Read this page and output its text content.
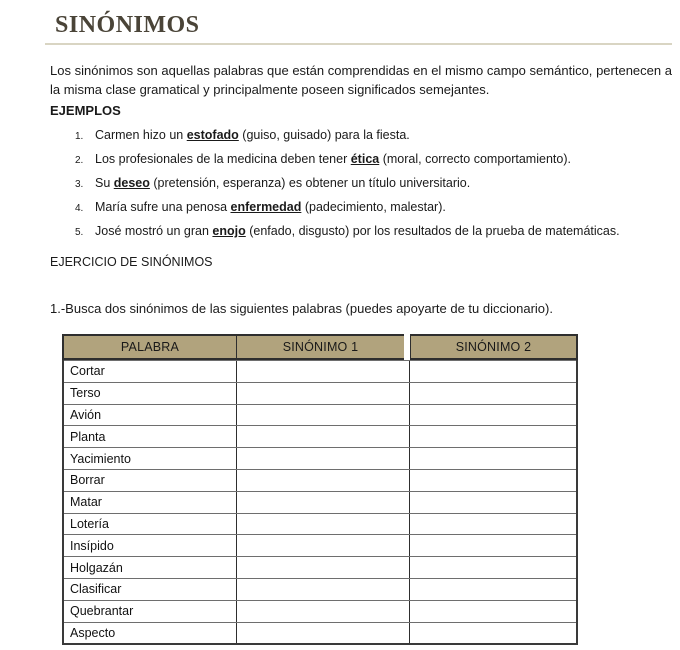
SINÓNIMOS

Los sinónimos son aquellas palabras que están comprendidas en el mismo campo semántico, pertenecen a la misma clase gramatical y principalmente poseen significados semejantes.

EJEMPLOS

1. Carmen hizo un estofado (guiso, guisado) para la fiesta.
2. Los profesionales de la medicina deben tener ética (moral, correcto comportamiento).
3. Su deseo (pretensión, esperanza) es obtener un título universitario.
4. María sufre una penosa enfermedad (padecimiento, malestar).
5. José mostró un gran enojo (enfado, disgusto) por los resultados de la prueba de matemáticas.

EJERCICIO DE SINÓNIMOS

1.-Busca dos sinónimos de las siguientes palabras (puedes apoyarte de tu diccionario).

PALABRA	SINÓNIMO 1	SINÓNIMO 2
Cortar
Terso
Avión
Planta
Yacimiento
Borrar
Matar
Lotería
Insípido
Holgazán
Clasificar
Quebrantar
Aspecto
